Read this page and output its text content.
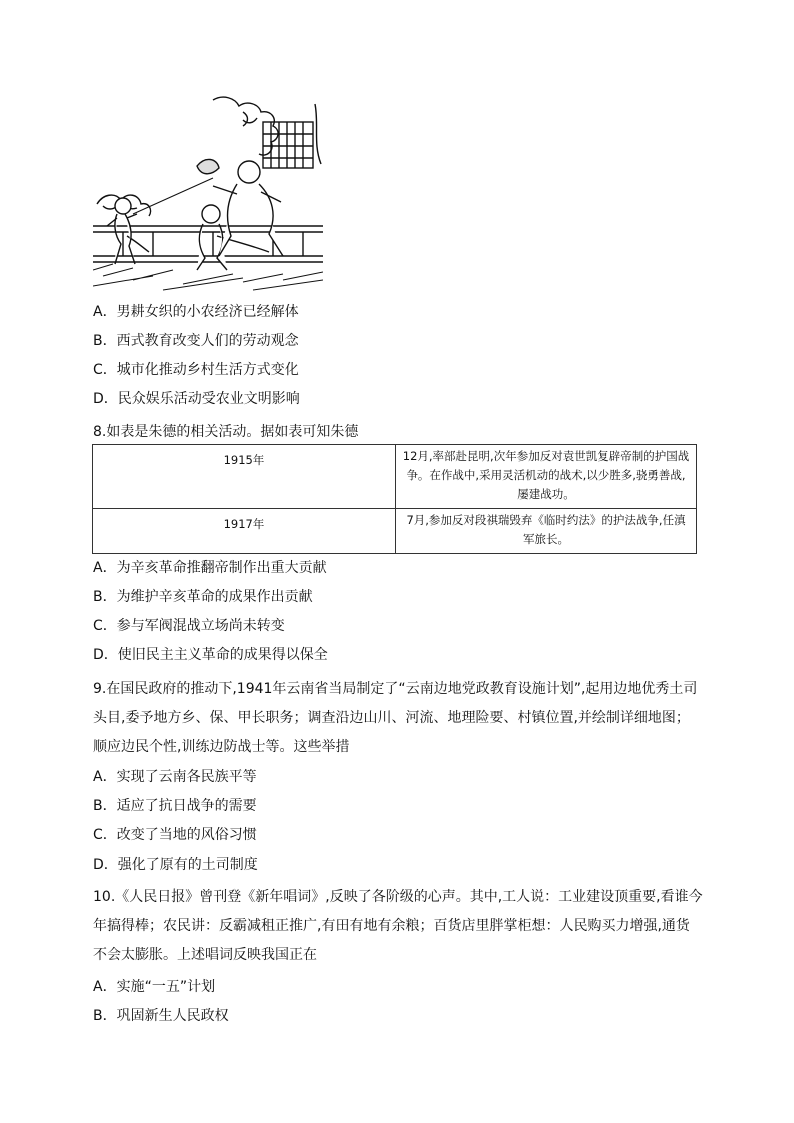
A．男耕女织的小农经济已经解体
B．西式教育改变人们的劳动观念
C．城市化推动乡村生活方式变化
D．民众娱乐活动受农业文明影响
8.如表是朱德的相关活动。据如表可知朱德
1915年	12月,率部赴昆明,次年参加反对袁世凯复辟帝制的护国战争。在作战中,采用灵活机动的战术,以少胜多,骁勇善战,屡建战功。
1917年	7月,参加反对段祺瑞毁弃《临时约法》的护法战争,任滇军旅长。
A．为辛亥革命推翻帝制作出重大贡献
B．为维护辛亥革命的成果作出贡献
C．参与军阀混战立场尚未转变
D．使旧民主主义革命的成果得以保全
9.在国民政府的推动下,1941年云南省当局制定了“云南边地党政教育设施计划”,起用边地优秀土司
头目,委予地方乡、保、甲长职务；调查沿边山川、河流、地理险要、村镇位置,并绘制详细地图；
顺应边民个性,训练边防战士等。这些举措
A．实现了云南各民族平等
B．适应了抗日战争的需要
C．改变了当地的风俗习惯
D．强化了原有的土司制度
10.《人民日报》曾刊登《新年唱词》,反映了各阶级的心声。其中,工人说：工业建设顶重要,看谁今
年搞得棒；农民讲：反霸减租正推广,有田有地有余粮；百货店里胖掌柜想：人民购买力增强,通货
不会太膨胀。上述唱词反映我国正在
A．实施“一五”计划
B．巩固新生人民政权
